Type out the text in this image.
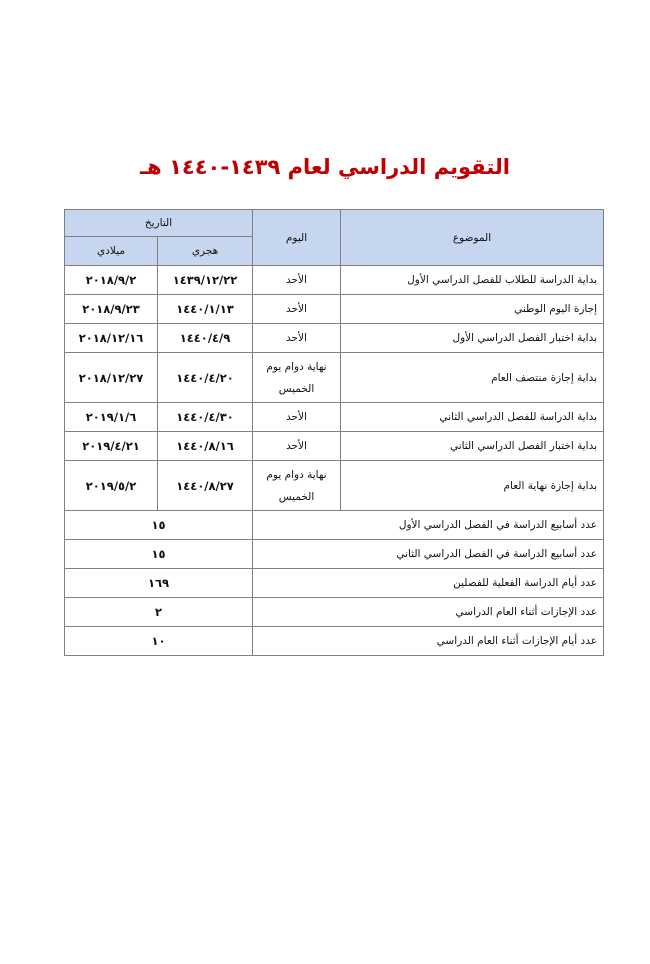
التقويم الدراسي لعام ١٤٣٩-١٤٤٠ هـ
الموضوع	اليوم	التاريخ	
		هجري	ميلادي
بداية الدراسة للطلاب للفصل الدراسي الأول	الأحد	١٤٣٩/١٢/٢٢	٢٠١٨/٩/٢
إجازة اليوم الوطني	الأحد	١٤٤٠/١/١٣	٢٠١٨/٩/٢٣
بداية اختبار الفصل الدراسي الأول	الأحد	١٤٤٠/٤/٩	٢٠١٨/١٢/١٦
بداية إجازة منتصف العام	نهاية دوام يوم الخميس	١٤٤٠/٤/٢٠	٢٠١٨/١٢/٢٧
بداية الدراسة للفصل الدراسي الثاني	الأحد	١٤٤٠/٤/٣٠	٢٠١٩/١/٦
بداية اختبار الفصل الدراسي الثاني	الأحد	١٤٤٠/٨/١٦	٢٠١٩/٤/٢١
بداية إجازة نهاية العام	نهاية دوام يوم الخميس	١٤٤٠/٨/٢٧	٢٠١٩/٥/٢
عدد أسابيع الدراسة في الفصل الدراسي الأول		١٥	
عدد أسابيع الدراسة في الفصل الدراسي الثاني		١٥	
عدد أيام الدراسة الفعلية للفصلين		١٦٩	
عدد الإجازات أثناء العام الدراسي		٢	
عدد أيام الإجازات أثناء العام الدراسي		١٠	
